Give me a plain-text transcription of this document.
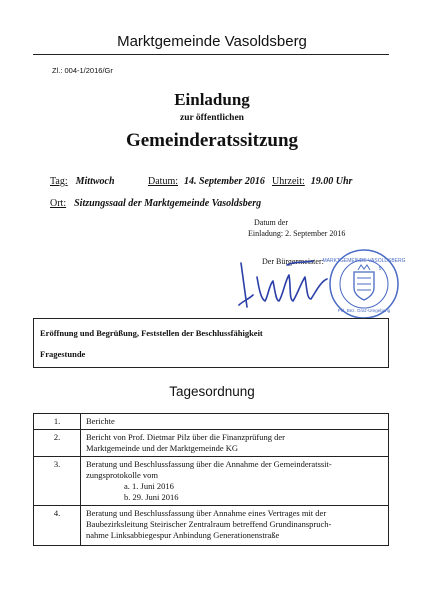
Marktgemeinde Vasoldsberg
Zl.: 004-1/2016/Gr
Einladung
zur öffentlichen
Gemeinderatssitzung
Tag: Mittwoch	Datum: 14. September 2016 Uhrzeit: 19.00 Uhr
Ort: Sitzungssaal der Marktgemeinde Vasoldsberg
Datum der
Einladung: 2. September 2016
Der Bürgermeister:
MARKTGEMEINDE VASOLDSBERG
5
Pol. Bez. Graz-Umgebung
Eröffnung und Begrüßung, Feststellen der Beschlussfähigkeit
Fragestunde
Tagesordnung
1.	Berichte

2.	Bericht von Prof. Dietmar Pilz über die Finanzprüfung der
Marktgemeinde und der Marktgemeinde KG

3.	Beratung und Beschlussfassung über die Annahme der Gemeinderatssit-
zungsprotokolle vom
a. 1. Juni 2016
b. 29. Juni 2016

4.	Beratung und Beschlussfassung über Annahme eines Vertrages mit der
Baubezirksleitung Steirischer Zentralraum betreffend Grundinanspruch-
nahme Linksabbiegespur Anbindung Generationenstraße
